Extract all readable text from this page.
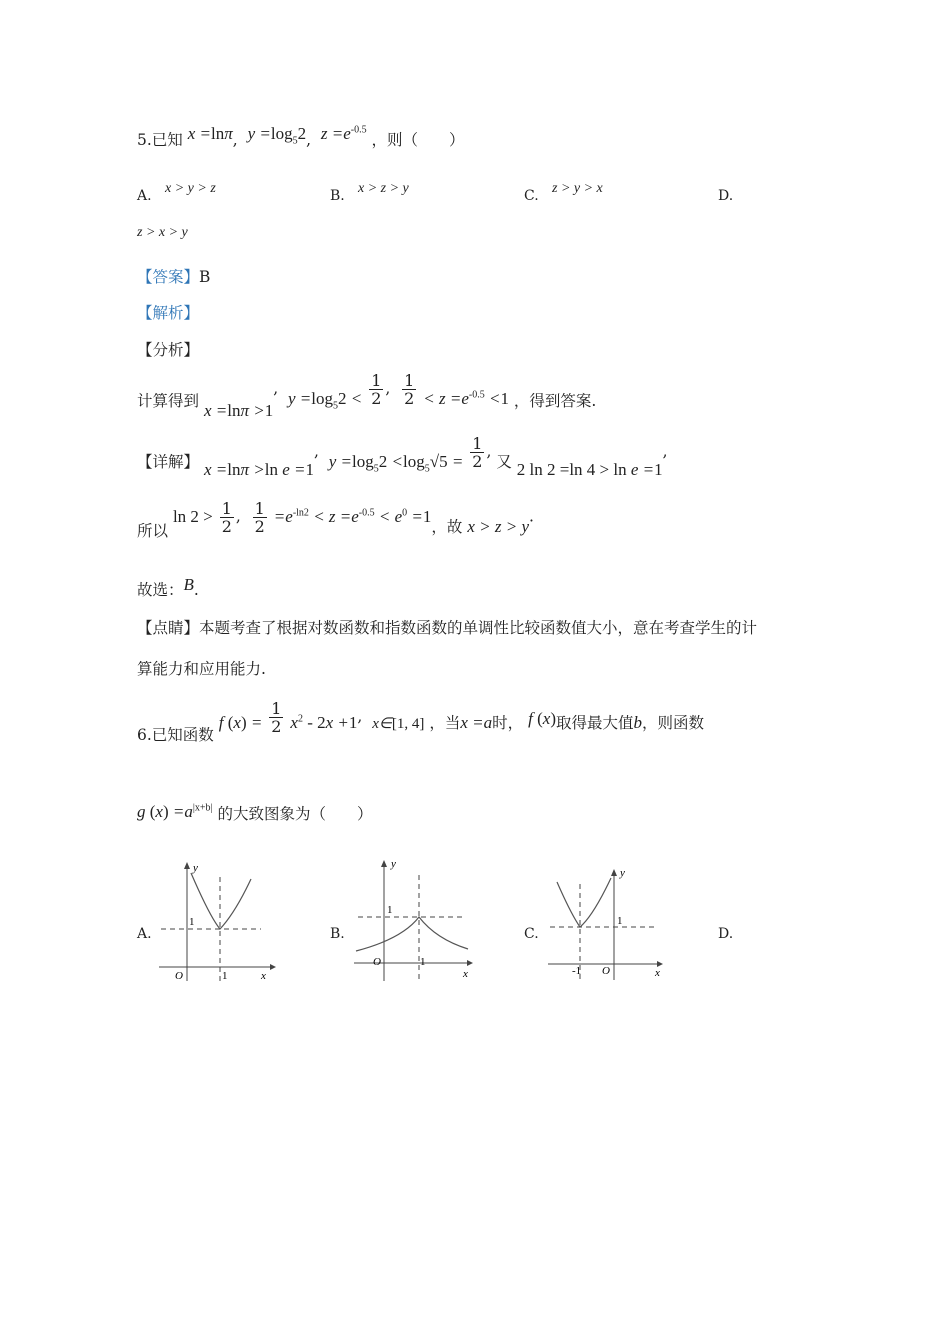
5.已知 x =lnπ,  $y =\log_52$,  $z =e^{-0.5}$ ，则（　　）
A. x > y > z	B. x > z > y	C. z > y > x	D.
z > x > y
【答案】B
【解析】
【分析】
计算得到 x =lnπ >1,  $y =\log_52 < \frac{1}{2}$ , $\frac{1}{2} < z =e^{-0.5} <1$ ，得到答案.
【详解】 x =lnπ >ln e =1,  $y =\log_52 <\log_5√5 = \frac{1}{2}$ , 又 2 ln 2 =ln 4 > ln e =1,
所以 $\ln 2 > \frac{1}{2}$ , $\frac{1}{2} =e^{-ln2} < z =e^{-0.5} < e^0 =1$，故 x > z > y.
故选：B.
【点睛】本题考查了根据对数函数和指数函数的单调性比较函数值大小，意在考查学生的计
算能力和应用能力.
6.已知函数 f $(x) = \frac{1}{2} x^2 - 2x +1$,  x∈[1, 4] ，当x =a时， f (x)取得最大值b，则函数
g $(x) =a^{|x+b|}$ 的大致图象为（　　）
A.	B.	C.	D.
y
x
O
1
1
y
x
O
1
1
y
x
O
1
-1
